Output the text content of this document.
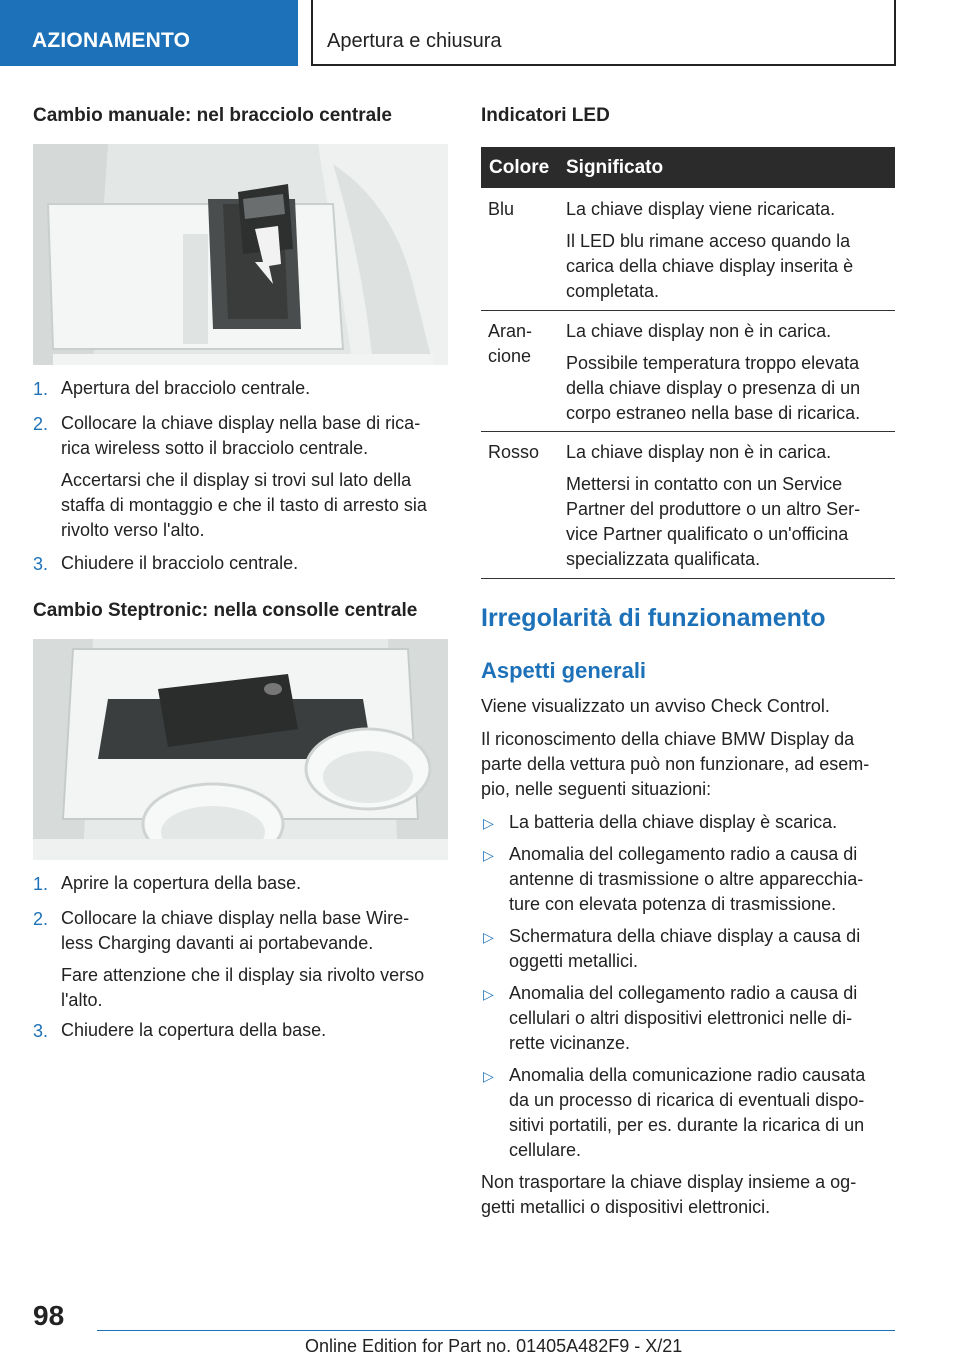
AZIONAMENTO	Apertura e chiusura
Cambio manuale: nel bracciolo centrale
1. Apertura del bracciolo centrale.
2. Collocare la chiave display nella base di rica-
rica wireless sotto il bracciolo centrale.
Accertarsi che il display si trovi sul lato della
staffa di montaggio e che il tasto di arresto sia
rivolto verso l'alto.
3. Chiudere il bracciolo centrale.
Cambio Steptronic: nella consolle centrale
1. Aprire la copertura della base.
2. Collocare la chiave display nella base Wire-
less Charging davanti ai portabevande.
Fare attenzione che il display sia rivolto verso
l'alto.
3. Chiudere la copertura della base.
Indicatori LED
Colore Significato
Blu	La chiave display viene ricaricata.
Il LED blu rimane acceso quando la
carica della chiave display inserita è
completata.
Aran-
cione
La chiave display non è in carica.
Possibile temperatura troppo elevata
della chiave display o presenza di un
corpo estraneo nella base di ricarica.
Rosso La chiave display non è in carica.
Mettersi in contatto con un Service
Partner del produttore o un altro Ser-
vice Partner qualificato o un'officina
specializzata qualificata.
Irregolarità di funzionamento
Aspetti generali
Viene visualizzato un avviso Check Control.
Il riconoscimento della chiave BMW Display da
parte della vettura può non funzionare, ad esem-
pio, nelle seguenti situazioni:
▷ La batteria della chiave display è scarica.
▷ Anomalia del collegamento radio a causa di
antenne di trasmissione o altre apparecchia-
ture con elevata potenza di trasmissione.
▷ Schermatura della chiave display a causa di
oggetti metallici.
▷ Anomalia del collegamento radio a causa di
cellulari o altri dispositivi elettronici nelle di-
rette vicinanze.
▷ Anomalia della comunicazione radio causata
da un processo di ricarica di eventuali dispo-
sitivi portatili, per es. durante la ricarica di un
cellulare.
Non trasportare la chiave display insieme a og-
getti metallici o dispositivi elettronici.
98
Online Edition for Part no. 01405A482F9 - X/21
